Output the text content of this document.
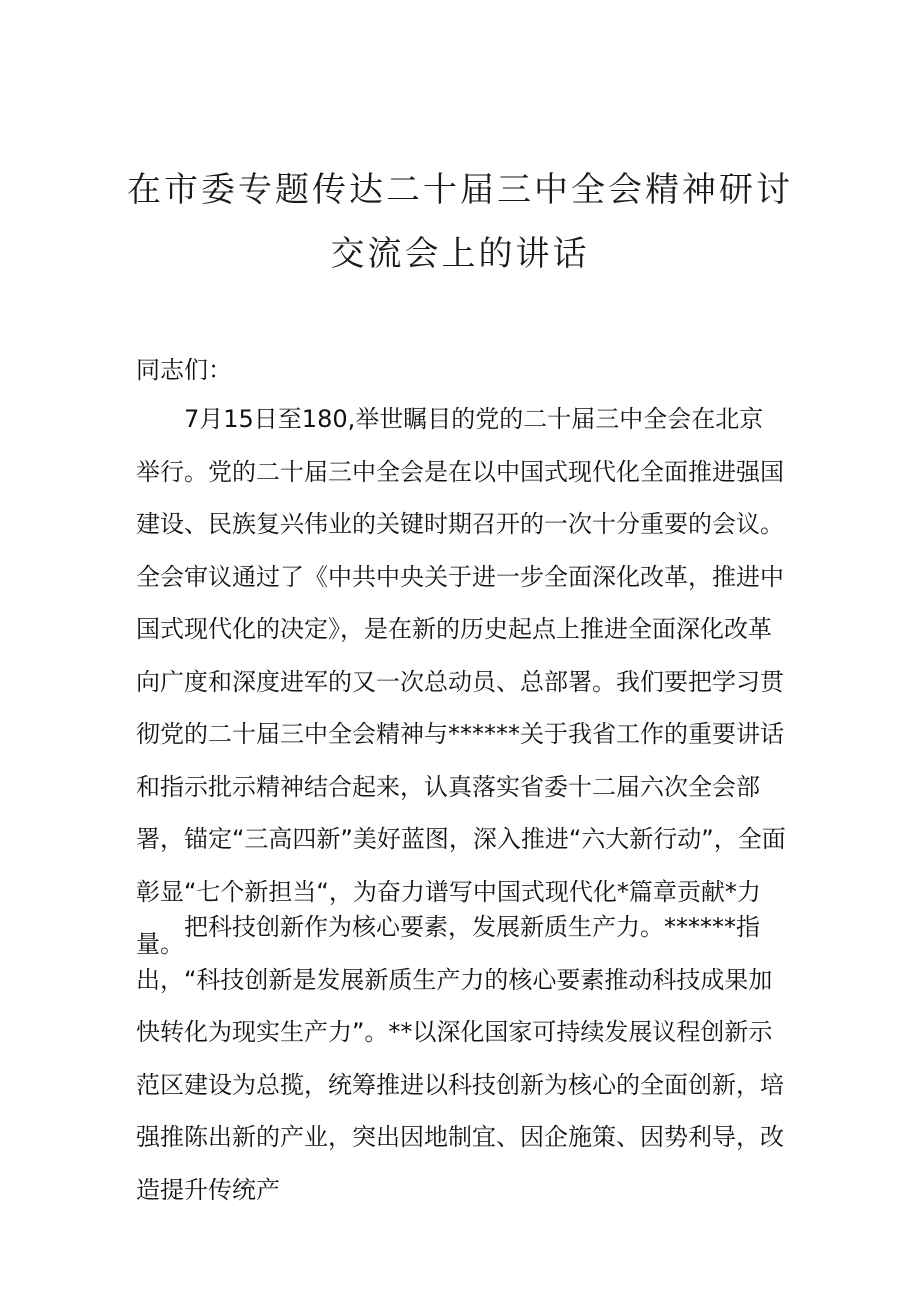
在市委专题传达二十届三中全会精神研讨
交流会上的讲话

同志们：

7月15日至180,举世瞩目的党的二十届三中全会在北京举行。党的二十届三中全会是在以中国式现代化全面推进强国建设、民族复兴伟业的关键时期召开的一次十分重要的会议。全会审议通过了《中共中央关于进一步全面深化改革，推进中国式现代化的决定》，是在新的历史起点上推进全面深化改革向广度和深度进军的又一次总动员、总部署。我们要把学习贯彻党的二十届三中全会精神与******关于我省工作的重要讲话和指示批示精神结合起来，认真落实省委十二届六次全会部署，锚定“三高四新”美好蓝图，深入推进“六大新行动”，全面彰显“七个新担当“，为奋力谱写中国式现代化*篇章贡献*力量。

把科技创新作为核心要素，发展新质生产力。******指出，“科技创新是发展新质生产力的核心要素推动科技成果加快转化为现实生产力”。**以深化国家可持续发展议程创新示范区建设为总揽，统筹推进以科技创新为核心的全面创新，培强推陈出新的产业，突出因地制宜、因企施策、因势利导，改造提升传统产
